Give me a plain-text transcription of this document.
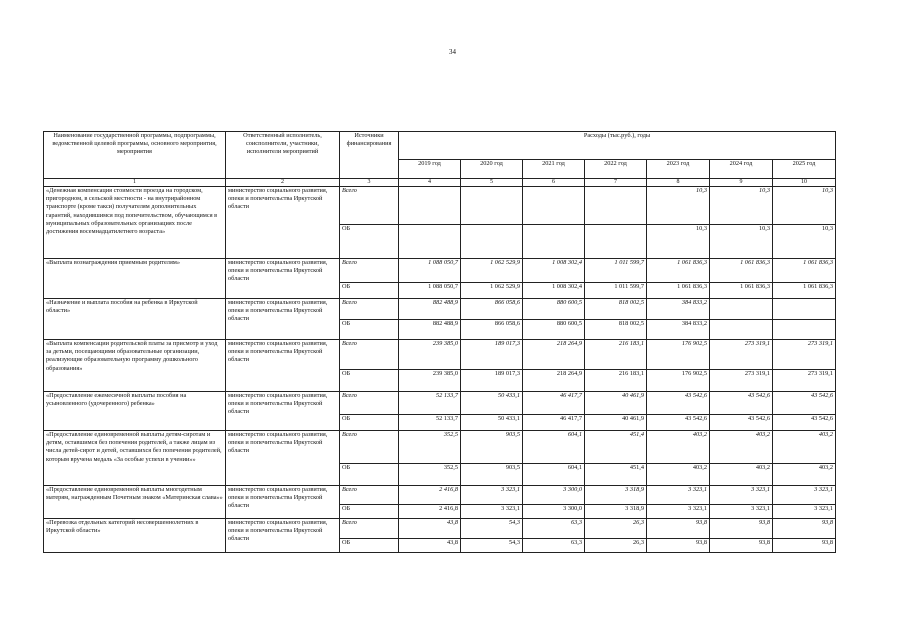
34
Наименование государственной программы, подпрограммы, ведомственной целевой программы, основного мероприятия, мероприятия	Ответственный исполнитель, соисполнители, участники, исполнители мероприятий	Источники финансирования	Расходы (тыс.руб.), годы						
			2019 год	2020 год	2021 год	2022 год	2023 год	2024 год	2025 год
1	2	3	4	5	6	7	8	9	10
«Денежная компенсация стоимости проезда на городском, пригородном, в сельской местности - на внутрирайонном транспорте (кроме такси) получателям дополнительных гарантий, находившимся под попечительством, обучающимся в муниципальных образовательных организациях после достижения восемнадцатилетнего возраста»	министерство социального развития, опеки и попечительства Иркутской области	Всего					10,3	10,3	10,3
		ОБ					10,3	10,3	10,3
«Выплата вознаграждения приемным родителям»	министерство социального развития, опеки и попечительства Иркутской области	Всего	1 088 050,7	1 062 529,9	1 008 302,4	1 011 599,7	1 061 836,3	1 061 836,3	1 061 836,3
		ОБ	1 088 050,7	1 062 529,9	1 008 302,4	1 011 599,7	1 061 836,3	1 061 836,3	1 061 836,3
«Назначение и выплата пособия на ребенка в Иркутской области»	министерство социального развития, опеки и попечительства Иркутской области	Всего	882 488,9	866 058,6	880 600,5	818 002,5	384 833,2		
		ОБ	882 488,9	866 058,6	880 600,5	818 002,5	384 833,2		
«Выплата компенсации родительской платы за присмотр и уход за детьми, посещающими образовательные организации, реализующие образовательную программу дошкольного образования»	министерство социального развития, опеки и попечительства Иркутской области	Всего	239 385,0	189 017,3	218 264,9	216 183,1	176 902,5	273 319,1	273 319,1
		ОБ	239 385,0	189 017,3	218 264,9	216 183,1	176 902,5	273 319,1	273 319,1
«Предоставление ежемесячной выплаты пособия на усыновленного (удочеренного) ребенка»	министерство социального развития, опеки и попечительства Иркутской области	Всего	52 133,7	50 433,1	46 417,7	40 461,9	43 542,6	43 542,6	43 542,6
		ОБ	52 133,7	50 433,1	46 417,7	40 461,9	43 542,6	43 542,6	43 542,6
«Предоставление единовременной выплаты детям-сиротам и детям, оставшимся без попечения родителей, а также лицам из числа детей-сирот и детей, оставшихся без попечения родителей, которым вручена медаль «За особые успехи в учении»»	министерство социального развития, опеки и попечительства Иркутской области	Всего	352,5	903,5	604,1	451,4	403,2	403,2	403,2
		ОБ	352,5	903,5	604,1	451,4	403,2	403,2	403,2
«Предоставление единовременной выплаты многодетным матерям, награжденным Почетным знаком «Материнская слава»»	министерство социального развития, опеки и попечительства Иркутской области	Всего	2 416,8	3 323,1	3 300,0	3 318,9	3 323,1	3 323,1	3 323,1
		ОБ	2 416,8	3 323,1	3 300,0	3 318,9	3 323,1	3 323,1	3 323,1
«Перевозка отдельных категорий несовершеннолетних в Иркутской области»	министерство социального развития, опеки и попечительства Иркутской области	Всего	43,8	54,3	63,3	26,3	93,8	93,8	93,8
		ОБ	43,8	54,3	63,3	26,3	93,8	93,8	93,8
